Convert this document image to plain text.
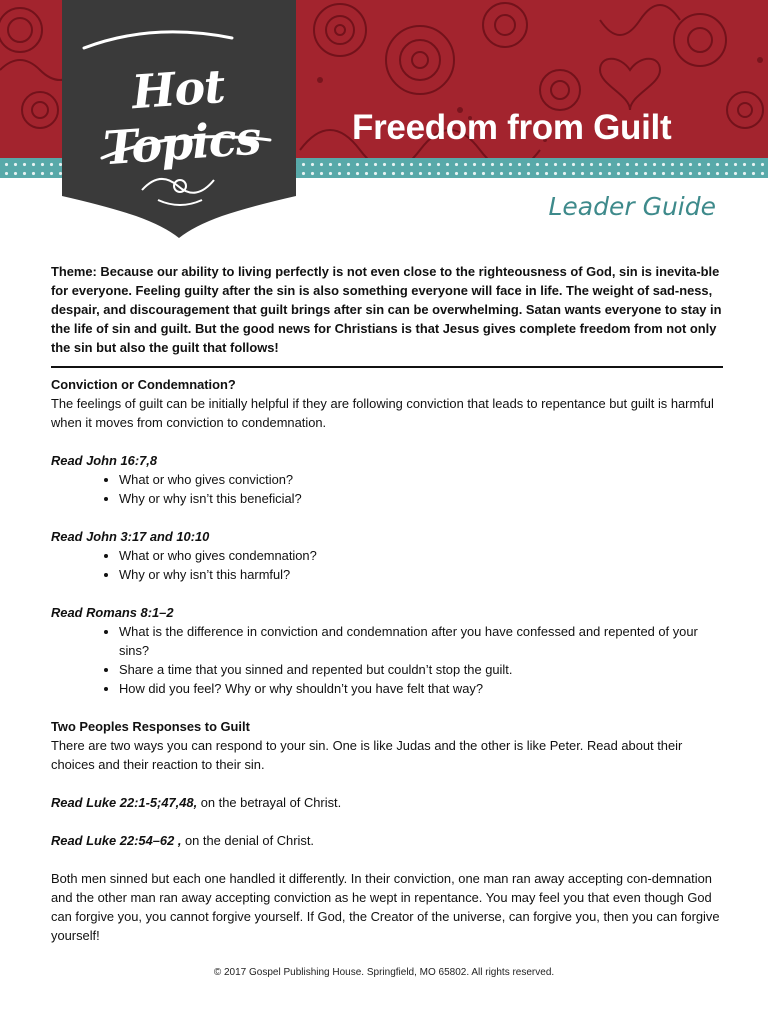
Freedom from Guilt
Hot Topics
Leader Guide
Theme: Because our ability to living perfectly is not even close to the righteousness of God, sin is inevita-ble for everyone. Feeling guilty after the sin is also something everyone will face in life. The weight of sad-ness, despair, and discouragement that guilt brings after sin can be overwhelming. Satan wants everyone to stay in the life of sin and guilt. But the good news for Christians is that Jesus gives complete freedom from not only the sin but also the guilt that follows!
Conviction or Condemnation?

The feelings of guilt can be initially helpful if they are following conviction that leads to repentance but guilt is harmful when it moves from conviction to condemnation.

Read John 16:7,8
• What or who gives conviction?
• Why or why isn’t this beneficial?
Read John 3:17 and 10:10
• What or who gives condemnation?
• Why or why isn’t this harmful?
Read Romans 8:1–2
• What is the difference in conviction and condemnation after you have confessed and repented of your sins?
• Share a time that you sinned and repented but couldn’t stop the guilt.
• How did you feel? Why or why shouldn’t you have felt that way?
Two Peoples Responses to Guilt

There are two ways you can respond to your sin. One is like Judas and the other is like Peter. Read about their choices and their reaction to their sin.

Read Luke 22:1-5;47,48, on the betrayal of Christ.

Read Luke 22:54–62 , on the denial of Christ.

Both men sinned but each one handled it differently. In their conviction, one man ran away accepting con-demnation and the other man ran away accepting conviction as he wept in repentance. You may feel you that even though God can forgive you, you cannot forgive yourself. If God, the Creator of the universe, can forgive you, then you can forgive yourself!

© 2017 Gospel Publishing House. Springfield, MO 65802. All rights reserved.
